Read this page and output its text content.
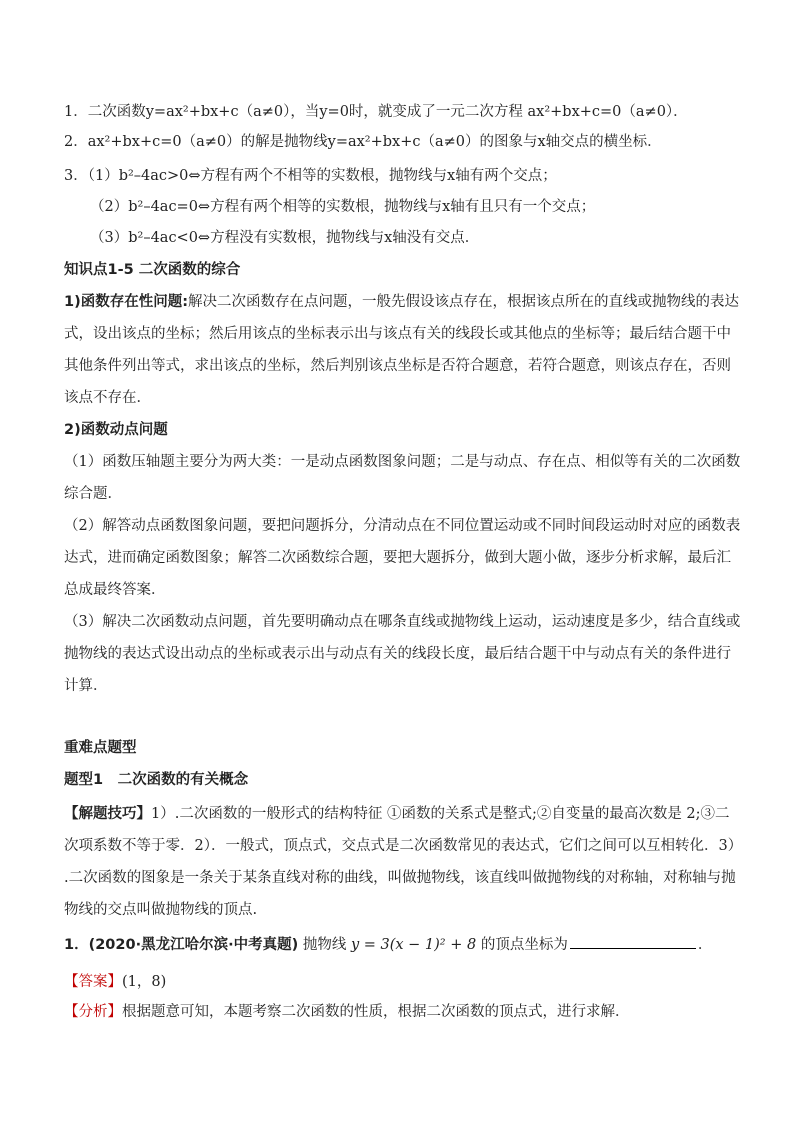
1．二次函数y=ax²+bx+c（a≠0），当y=0时，就变成了一元二次方程 ax²+bx+c=0（a≠0）．
2．ax²+bx+c=0（a≠0）的解是抛物线y=ax²+bx+c（a≠0）的图象与x轴交点的横坐标．
3．（1）b²–4ac>0⇔方程有两个不相等的实数根，抛物线与x轴有两个交点；
（2）b²–4ac=0⇔方程有两个相等的实数根，抛物线与x轴有且只有一个交点；
（3）b²–4ac<0⇔方程没有实数根，抛物线与x轴没有交点．
知识点1-5 二次函数的综合
1)函数存在性问题:解决二次函数存在点问题，一般先假设该点存在，根据该点所在的直线或抛物线的表达
式，设出该点的坐标；然后用该点的坐标表示出与该点有关的线段长或其他点的坐标等；最后结合题干中
其他条件列出等式，求出该点的坐标，然后判别该点坐标是否符合题意，若符合题意，则该点存在，否则
该点不存在．
2)函数动点问题
（1）函数压轴题主要分为两大类：一是动点函数图象问题；二是与动点、存在点、相似等有关的二次函数
综合题．
（2）解答动点函数图象问题，要把问题拆分，分清动点在不同位置运动或不同时间段运动时对应的函数表
达式，进而确定函数图象；解答二次函数综合题，要把大题拆分，做到大题小做，逐步分析求解，最后汇
总成最终答案．
（3）解决二次函数动点问题，首先要明确动点在哪条直线或抛物线上运动，运动速度是多少，结合直线或
抛物线的表达式设出动点的坐标或表示出与动点有关的线段长度，最后结合题干中与动点有关的条件进行
计算．
重难点题型
题型1　二次函数的有关概念
【解题技巧】1）.二次函数的一般形式的结构特征 ①函数的关系式是整式;②自变量的最高次数是 2;③二
次项系数不等于零．2）．一般式，顶点式，交点式是二次函数常见的表达式，它们之间可以互相转化．3）
.二次函数的图象是一条关于某条直线对称的曲线，叫做抛物线，该直线叫做抛物线的对称轴，对称轴与抛
物线的交点叫做抛物线的顶点.
1．(2020·黑龙江哈尔滨·中考真题) 抛物线 y = 3(x − 1)² + 8 的顶点坐标为	．
【答案】(1，8)
【分析】根据题意可知，本题考察二次函数的性质，根据二次函数的顶点式，进行求解．
